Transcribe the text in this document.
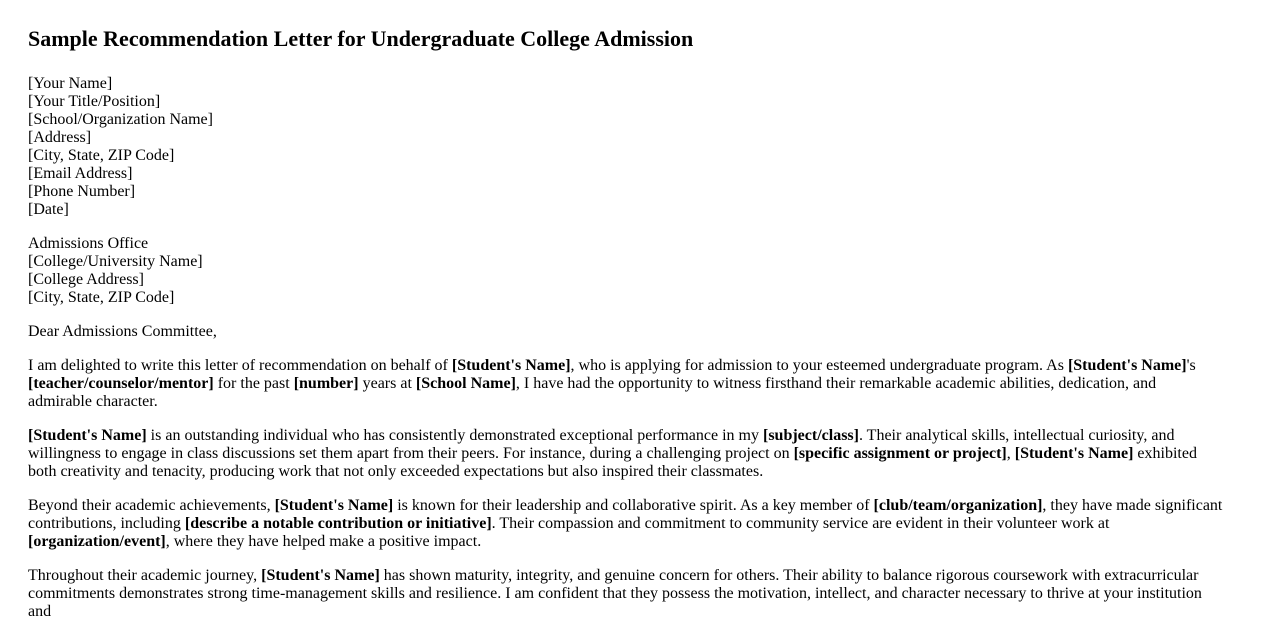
Sample Recommendation Letter for Undergraduate College Admission

[Your Name]
[Your Title/Position]
[School/Organization Name]
[Address]
[City, State, ZIP Code]
[Email Address]
[Phone Number]
[Date]

Admissions Office
[College/University Name]
[College Address]
[City, State, ZIP Code]

Dear Admissions Committee,

I am delighted to write this letter of recommendation on behalf of [Student's Name], who is applying for admission to your esteemed undergraduate program. As [Student's Name]'s [teacher/counselor/mentor] for the past [number] years at [School Name], I have had the opportunity to witness firsthand their remarkable academic abilities, dedication, and admirable character.

[Student's Name] is an outstanding individual who has consistently demonstrated exceptional performance in my [subject/class]. Their analytical skills, intellectual curiosity, and willingness to engage in class discussions set them apart from their peers. For instance, during a challenging project on [specific assignment or project], [Student's Name] exhibited both creativity and tenacity, producing work that not only exceeded expectations but also inspired their classmates.

Beyond their academic achievements, [Student's Name] is known for their leadership and collaborative spirit. As a key member of [club/team/organization], they have made significant contributions, including [describe a notable contribution or initiative]. Their compassion and commitment to community service are evident in their volunteer work at [organization/event], where they have helped make a positive impact.

Throughout their academic journey, [Student's Name] has shown maturity, integrity, and genuine concern for others. Their ability to balance rigorous coursework with extracurricular commitments demonstrates strong time-management skills and resilience. I am confident that they possess the motivation, intellect, and character necessary to thrive at your institution and
